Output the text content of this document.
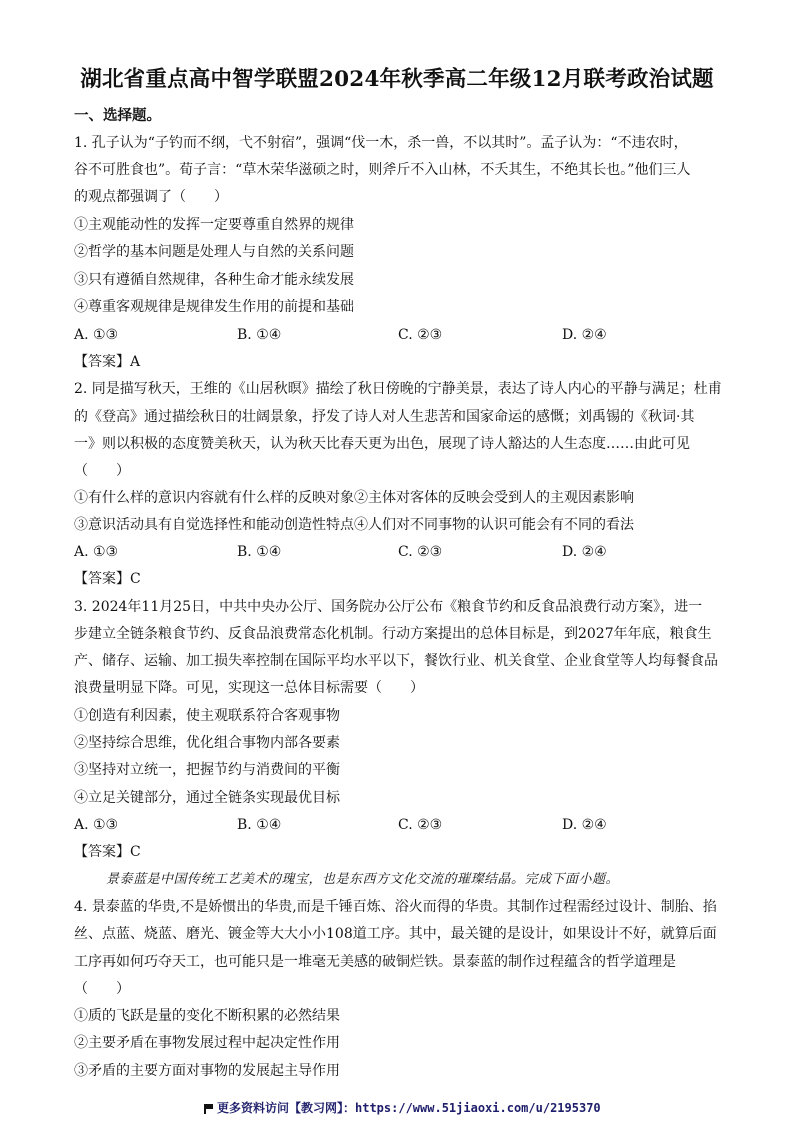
湖北省重点高中智学联盟2024年秋季高二年级12月联考政治试题
一、选择题。
1. 孔子认为“子钓而不纲，弋不射宿”，强调“伐一木，杀一兽，不以其时”。孟子认为：“不违农时，
谷不可胜食也”。荀子言：“草木荣华滋硕之时，则斧斤不入山林，不夭其生，不绝其长也。”他们三人
的观点都强调了（　　）
①主观能动性的发挥一定要尊重自然界的规律
②哲学的基本问题是处理人与自然的关系问题
③只有遵循自然规律，各种生命才能永续发展
④尊重客观规律是规律发生作用的前提和基础
A. ①③	B. ①④	C. ②③	D. ②④
【答案】A
2. 同是描写秋天，王维的《山居秋暝》描绘了秋日傍晚的宁静美景，表达了诗人内心的平静与满足；杜甫
的《登高》通过描绘秋日的壮阔景象，抒发了诗人对人生悲苦和国家命运的感慨；刘禹锡的《秋词·其
一》则以积极的态度赞美秋天，认为秋天比春天更为出色，展现了诗人豁达的人生态度……由此可见
（　　）
①有什么样的意识内容就有什么样的反映对象②主体对客体的反映会受到人的主观因素影响
③意识活动具有自觉选择性和能动创造性特点④人们对不同事物的认识可能会有不同的看法
A. ①③	B. ①④	C. ②③	D. ②④
【答案】C
3. 2024年11月25日，中共中央办公厅、国务院办公厅公布《粮食节约和反食品浪费行动方案》，进一
步建立全链条粮食节约、反食品浪费常态化机制。行动方案提出的总体目标是，到2027年年底，粮食生
产、储存、运输、加工损失率控制在国际平均水平以下，餐饮行业、机关食堂、企业食堂等人均每餐食品
浪费量明显下降。可见，实现这一总体目标需要（　　）
①创造有利因素，使主观联系符合客观事物
②坚持综合思维，优化组合事物内部各要素
③坚持对立统一，把握节约与消费间的平衡
④立足关键部分，通过全链条实现最优目标
A. ①③	B. ①④	C. ②③	D. ②④
【答案】C
景泰蓝是中国传统工艺美术的瑰宝，也是东西方文化交流的璀璨结晶。完成下面小题。
4. 景泰蓝的华贵,不是娇惯出的华贵,而是千锤百炼、浴火而得的华贵。其制作过程需经过设计、制胎、掐
丝、点蓝、烧蓝、磨光、镀金等大大小小108道工序。其中，最关键的是设计，如果设计不好，就算后面
工序再如何巧夺天工，也可能只是一堆毫无美感的破铜烂铁。景泰蓝的制作过程蕴含的哲学道理是
（　　）
①质的飞跃是量的变化不断积累的必然结果
②主要矛盾在事物发展过程中起决定性作用
③矛盾的主要方面对事物的发展起主导作用
更多资料访问【教习网】：https://www.51jiaoxi.com/u/2195370
